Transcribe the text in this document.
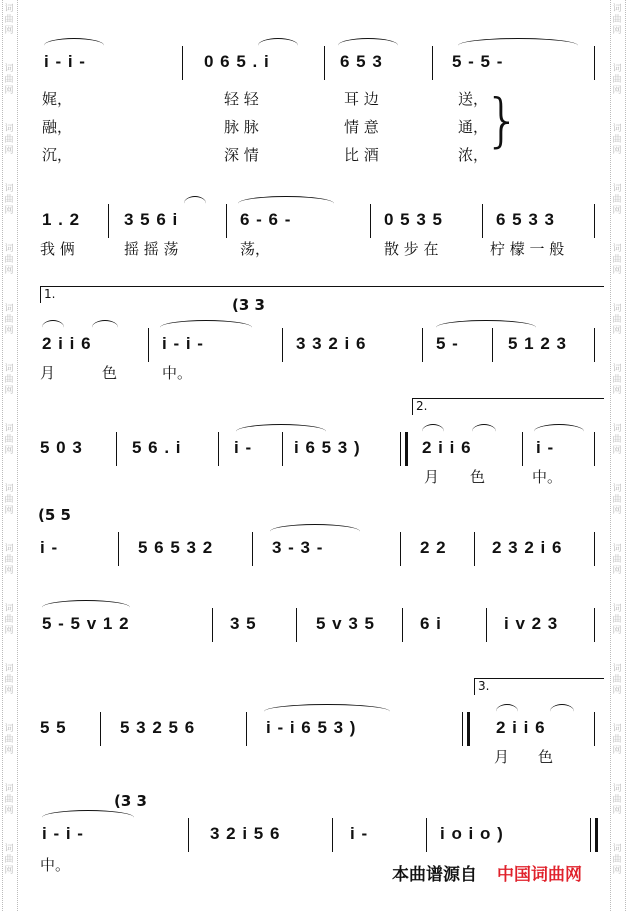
词
曲
网
词
曲
网
词
曲
网
词
曲
网
词
曲
网
词
曲
网
词
曲
网
词
曲
网
词
曲
网
词
曲
网
词
曲
网
词
曲
网
词
曲
网
词
曲
网
词
曲
网
词
曲
网
词
曲
网
词
曲
网
词
曲
网
词
曲
网
词
曲
网
词
曲
网
词
曲
网
词
曲
网
词
曲
网
词
曲
网
词
曲
网
词
曲
网
词
曲
网
词
曲
网
i - i -	0 6 5 . i	6 5 3	5 - 5 -
娓，	轻 轻	耳 边	送，
融，	脉 脉	情 意	通，
沉，	深 情	比 酒	浓，
}
1 . 2	3 5 6 i	6 - 6 -	0 5 3 5	6 5 3 3
我 俩	摇 摇 荡	荡，	散 步 在	柠 檬 一 般
1.
(3 3
2 i i 6	i - i -	3 3 2 i 6	5 -	5 1 2 3
月	色	中。
2.
5 0 3	5 6 . i	i - i 6 5 3 )	2 i i 6	i -
月 色	中。
(5 5
i -	5 6 5 3 2	3 - 3 -	2 2	2 3 2 i 6
5 - 5 v 1 2	3 5	5 v 3 5	6 i	i v 2 3
3.
5 5	5 3 2 5 6	i - i 6 5 3 )	2 i i 6
月 色
(3 3
i - i -	3 2 i 5 6	i -	i o i o )
中。	本曲谱源自 中国词曲网
